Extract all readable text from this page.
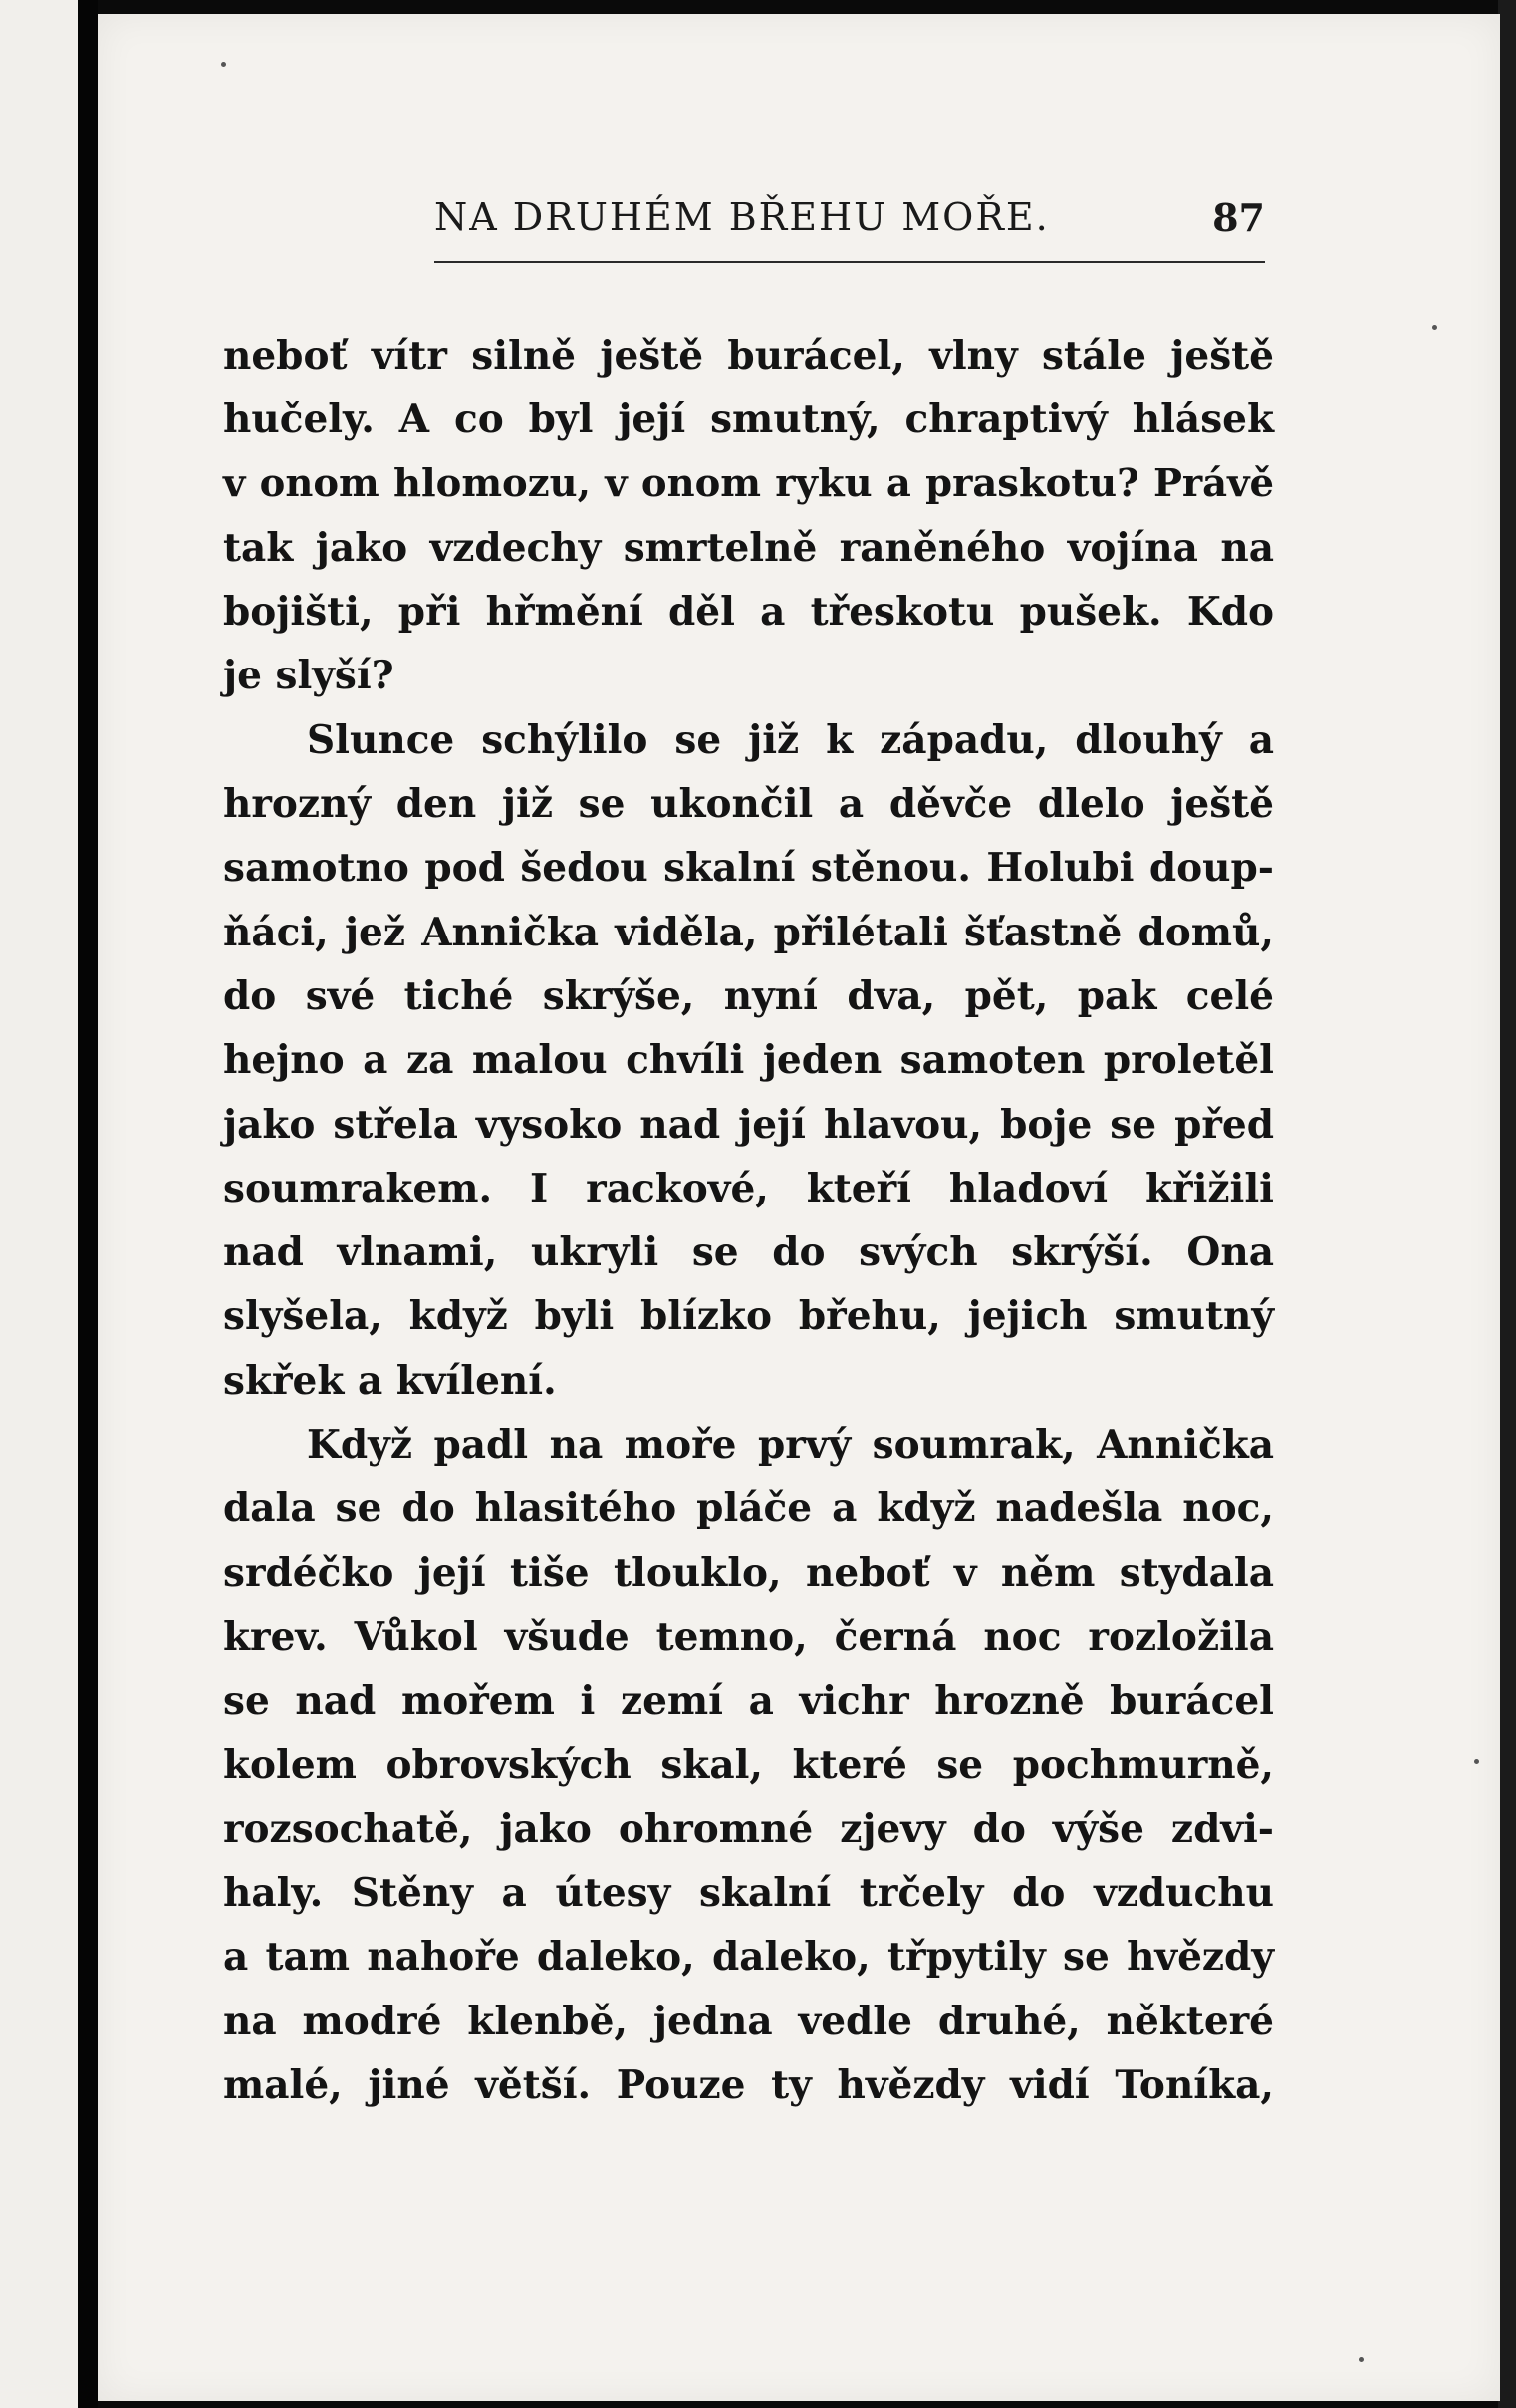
NA DRUHÉM BŘEHU MOŘE.	87
neboť vítr silně ještě burácel, vlny stále ještě
hučely. A co byl její smutný, chraptivý hlásek
v onom hlomozu, v onom ryku a praskotu? Právě
tak jako vzdechy smrtelně raněného vojína na
bojišti, při hřmění děl a třeskotu pušek. Kdo
je slyší?
Slunce schýlilo se již k západu, dlouhý a
hrozný den již se ukončil a děvče dlelo ještě
samotno pod šedou skalní stěnou. Holubi doup-
ňáci, jež Annička viděla, přilétali šťastně domů,
do své tiché skrýše, nyní dva, pět, pak celé
hejno a za malou chvíli jeden samoten proletěl
jako střela vysoko nad její hlavou, boje se před
soumrakem. I rackové, kteří hladoví křižili
nad vlnami, ukryli se do svých skrýší. Ona
slyšela, když byli blízko břehu, jejich smutný
skřek a kvílení.
Když padl na moře prvý soumrak, Annička
dala se do hlasitého pláče a když nadešla noc,
srdéčko její tiše tlouklo, neboť v něm stydala
krev. Vůkol všude temno, černá noc rozložila
se nad mořem i zemí a vichr hrozně burácel
kolem obrovských skal, které se pochmurně,
rozsochatě, jako ohromné zjevy do výše zdvi-
haly. Stěny a útesy skalní trčely do vzduchu
a tam nahoře daleko, daleko, třpytily se hvězdy
na modré klenbě, jedna vedle druhé, některé
malé, jiné větší. Pouze ty hvězdy vidí Toníka,
